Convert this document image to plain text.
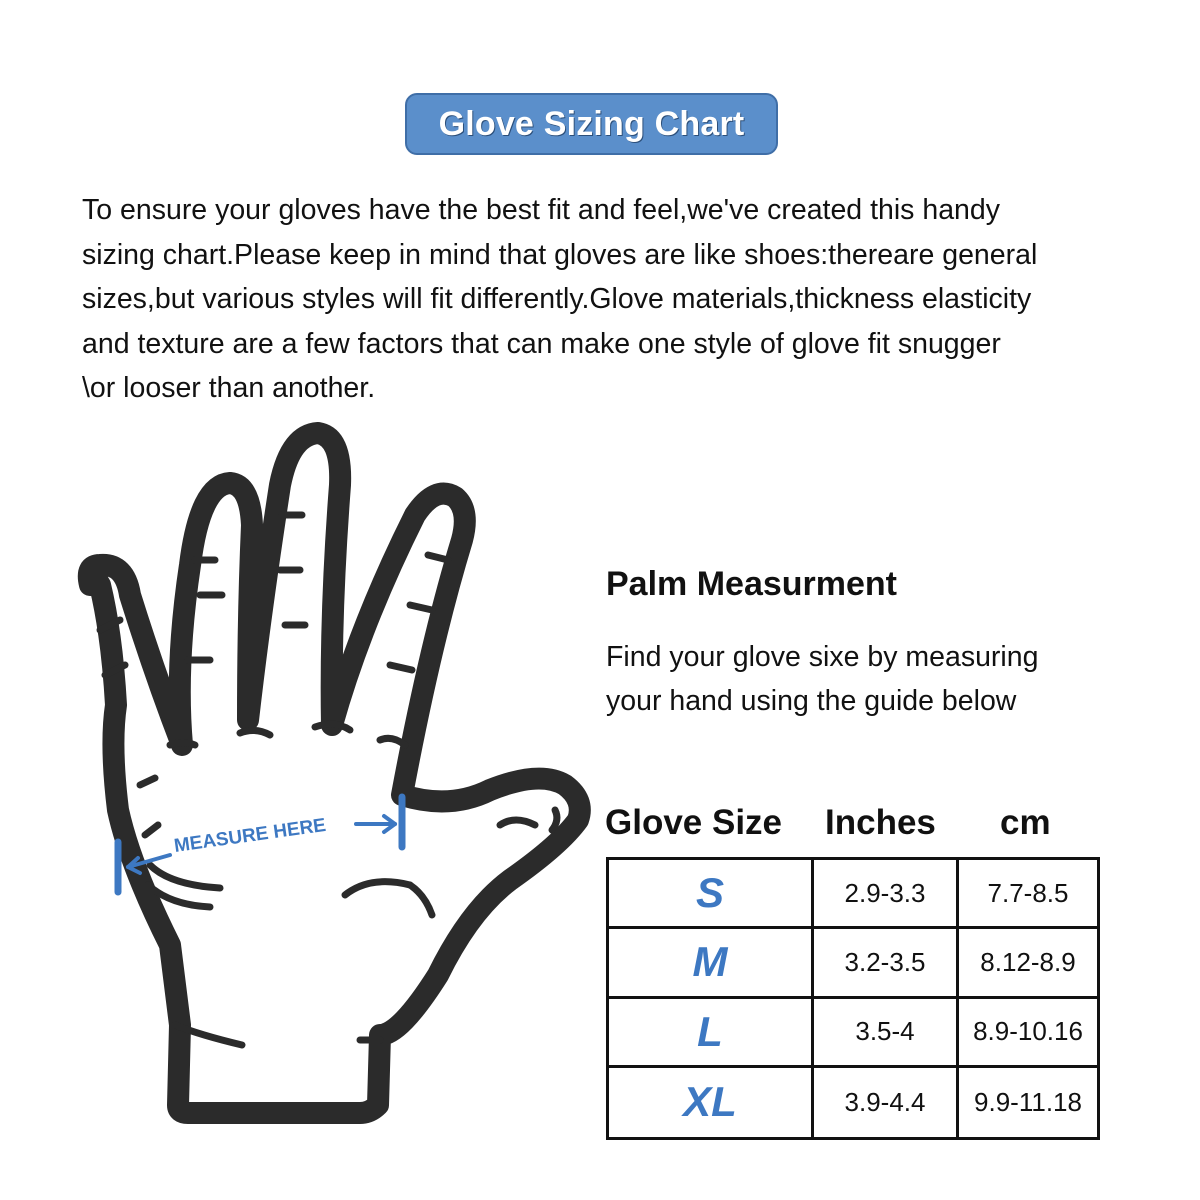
Glove Sizing Chart

To ensure your gloves have the best fit and feel,we've created this handy
sizing chart.Please keep in mind that gloves are like shoes:thereare general
sizes,but various styles will fit differently.Glove materials,thickness elasticity
and texture are a few factors that can make one style of glove fit snugger
\or looser than another.

MEASURE HERE
Palm Measurment
Find your glove sixe by measuring
your hand using the guide below
Glove Size Inches cm
S	2.9-3.3	7.7-8.5
M	3.2-3.5	8.12-8.9
L	3.5-4	8.9-10.16
XL	3.9-4.4	9.9-11.18
